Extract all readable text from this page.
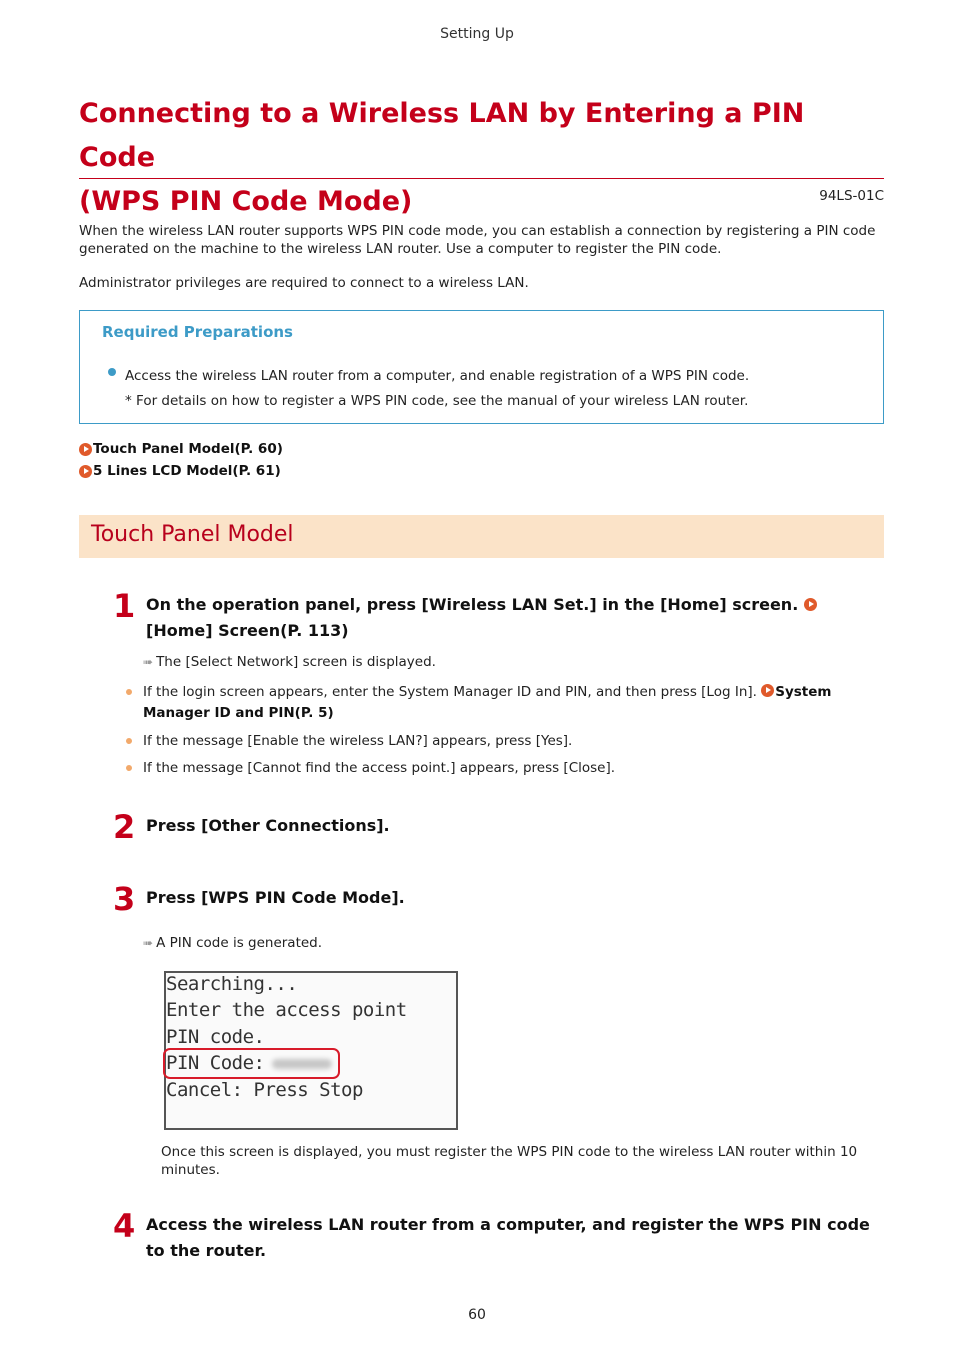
Setting Up
Connecting to a Wireless LAN by Entering a PIN Code
(WPS PIN Code Mode)	94LS-01C
When the wireless LAN router supports WPS PIN code mode, you can establish a connection by registering a PIN code generated on the machine to the wireless LAN router. Use a computer to register the PIN code.
Administrator privileges are required to connect to a wireless LAN.
Required Preparations
Access the wireless LAN router from a computer, and enable registration of a WPS PIN code.
* For details on how to register a WPS PIN code, see the manual of your wireless LAN router.
Touch Panel Model(P. 60)
5 Lines LCD Model(P. 61)
Touch Panel Model
1 On the operation panel, press [Wireless LAN Set.] in the [Home] screen. [Home] Screen(P. 113)
➠ The [Select Network] screen is displayed.
If the login screen appears, enter the System Manager ID and PIN, and then press [Log In]. System Manager ID and PIN(P. 5)
If the message [Enable the wireless LAN?] appears, press [Yes].
If the message [Cannot find the access point.] appears, press [Close].
2 Press [Other Connections].
3 Press [WPS PIN Code Mode].
➠ A PIN code is generated.
Searching...
Enter the access point
PIN code.
PIN Code:
Cancel: Press Stop
Once this screen is displayed, you must register the WPS PIN code to the wireless LAN router within 10 minutes.
4 Access the wireless LAN router from a computer, and register the WPS PIN code to the router.
60
